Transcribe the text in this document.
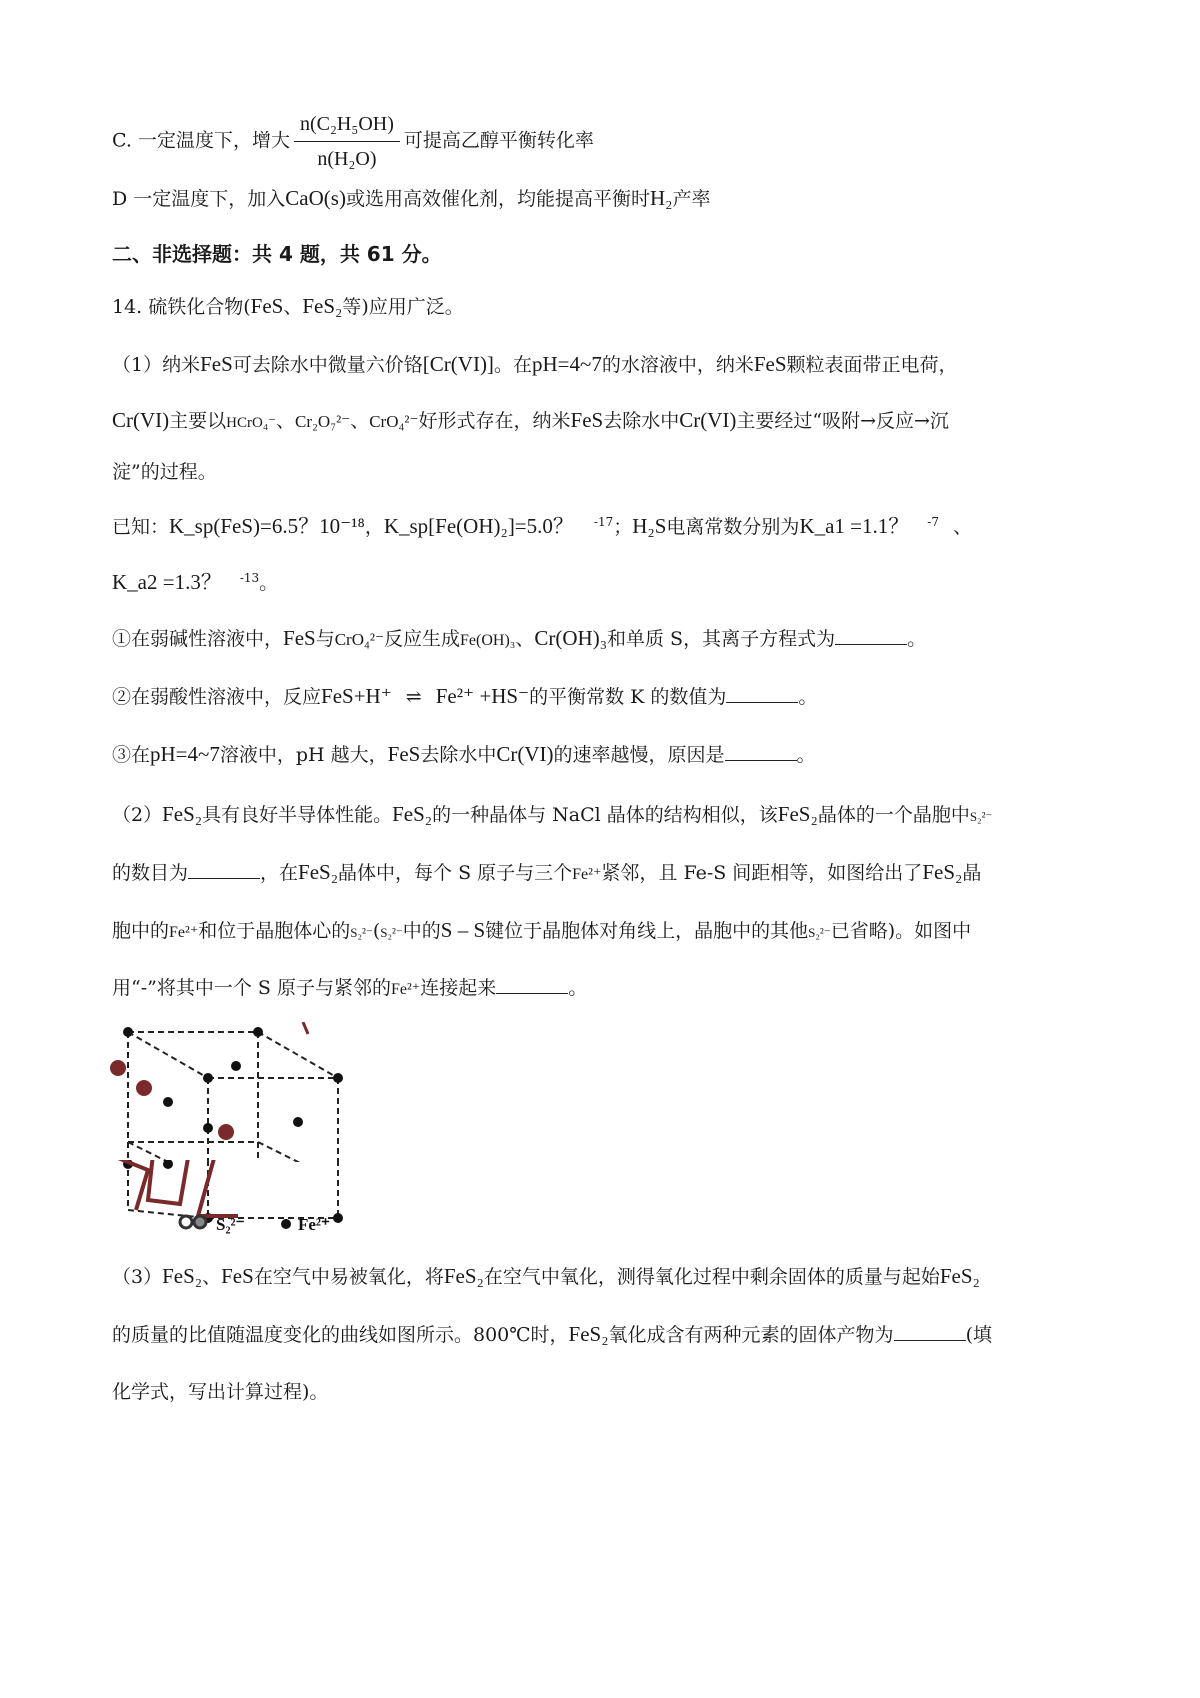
C. 一定温度下，增大 $\frac{\text{n(C₂H₅OH)}}{\text{n(H₂O)}}$ 可提高乙醇平衡转化率
D 一定温度下，加入CaO(s)或选用高效催化剂，均能提高平衡时H₂产率
二、非选择题：共 4 题，共 61 分。
14. 硫铁化合物(FeS、FeS₂等)应用广泛。
（1）纳米FeS可去除水中微量六价铬[Cr(VI)]。在pH=4~7的水溶液中，纳米FeS颗粒表面带正电荷，
Cr(VI)主要以HCrO₄⁻、Cr₂O₇²⁻、CrO₄²⁻好形式存在，纳米FeS去除水中Cr(VI)主要经过“吸附→反应→沉
淀”的过程。
已知：K_sp(FeS)=6.5？10⁻¹⁸，K_sp[Fe(OH)₂]=5.0？ $^{-17}$；H₂S电离常数分别为K_a1 =1.1？ $^{-7}$ 、
K_a2 =1.3？ $^{-13}$。
①在弱碱性溶液中，FeS与CrO₄²⁻反应生成Fe(OH)₃、Cr(OH)₃和单质 S，其离子方程式为	。
②在弱酸性溶液中，反应FeS+H⁺ ⇌ Fe²⁺ +HS⁻的平衡常数 K 的数值为	。
③在pH=4~7溶液中，pH 越大，FeS去除水中Cr(VI)的速率越慢，原因是	。
（2）FeS₂具有良好半导体性能。FeS₂的一种晶体与 NaCl 晶体的结构相似，该FeS₂晶体的一个晶胞中S₂²⁻
的数目为	，在FeS₂晶体中，每个 S 原子与三个Fe²⁺紧邻，且 Fe-S 间距相等，如图给出了FeS₂晶
胞中的Fe²⁺和位于晶胞体心的S₂²⁻(S₂²⁻中的S – S键位于晶胞体对角线上，晶胞中的其他S₂²⁻已省略)。如图中
用“-”将其中一个 S 原子与紧邻的Fe²⁺连接起来	。
S₂²⁻	Fe²⁺
（3）FeS₂、FeS在空气中易被氧化，将FeS₂在空气中氧化，测得氧化过程中剩余固体的质量与起始FeS₂
的质量的比值随温度变化的曲线如图所示。800℃时，FeS₂氧化成含有两种元素的固体产物为	(填
化学式，写出计算过程)。
